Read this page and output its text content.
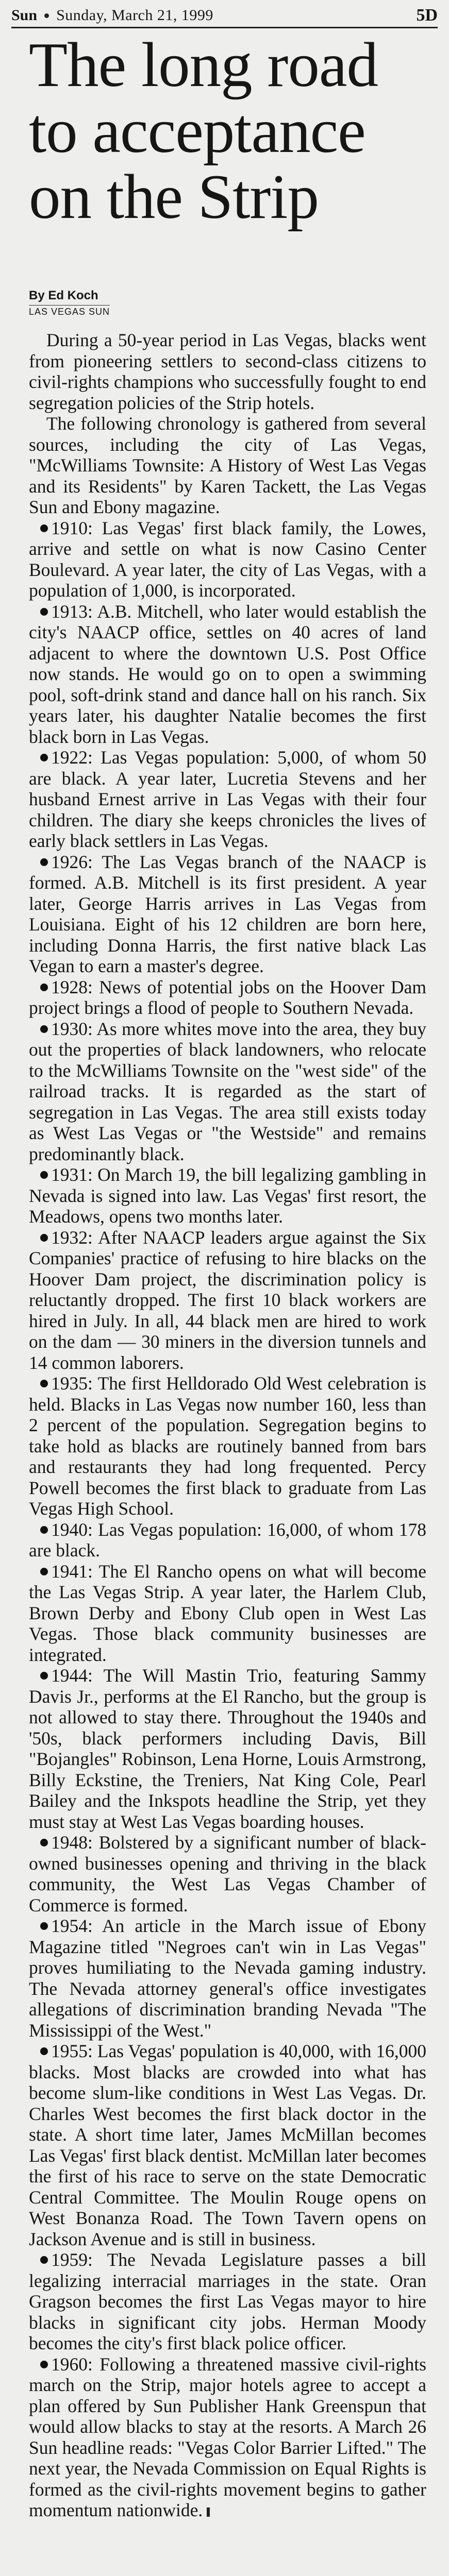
Sun Sunday, March 21, 1999	5D
The long road to acceptance on the Strip
By Ed Koch
LAS VEGAS SUN

During a 50-year period in Las Vegas, blacks went from pioneering settlers to second-class citizens to civil-rights champions who successfully fought to end segregation policies of the Strip hotels.

The following chronology is gathered from several sources, including the city of Las Vegas, "McWilliams Townsite: A History of West Las Vegas and its Residents" by Karen Tackett, the Las Vegas Sun and Ebony magazine.

1910: Las Vegas' first black family, the Lowes, arrive and settle on what is now Casino Center Boulevard. A year later, the city of Las Vegas, with a population of 1,000, is incorporated.

1913: A.B. Mitchell, who later would establish the city's NAACP office, settles on 40 acres of land adjacent to where the downtown U.S. Post Office now stands. He would go on to open a swimming pool, soft-drink stand and dance hall on his ranch. Six years later, his daughter Natalie becomes the first black born in Las Vegas.

1922: Las Vegas population: 5,000, of whom 50 are black. A year later, Lucretia Stevens and her husband Ernest arrive in Las Vegas with their four children. The diary she keeps chronicles the lives of early black settlers in Las Vegas.

1926: The Las Vegas branch of the NAACP is formed. A.B. Mitchell is its first president. A year later, George Harris arrives in Las Vegas from Louisiana. Eight of his 12 children are born here, including Donna Harris, the first native black Las Vegan to earn a master's degree.

1928: News of potential jobs on the Hoover Dam project brings a flood of people to Southern Nevada.

1930: As more whites move into the area, they buy out the properties of black landowners, who relocate to the McWilliams Townsite on the "west side" of the railroad tracks. It is regarded as the start of segregation in Las Vegas. The area still exists today as West Las Vegas or "the Westside" and remains predominantly black.

1931: On March 19, the bill legalizing gambling in Nevada is signed into law. Las Vegas' first resort, the Meadows, opens two months later.

1932: After NAACP leaders argue against the Six Companies' practice of refusing to hire blacks on the Hoover Dam project, the discrimination policy is reluctantly dropped. The first 10 black workers are hired in July. In all, 44 black men are hired to work on the dam — 30 miners in the diversion tunnels and 14 common laborers.

1935: The first Helldorado Old West celebration is held. Blacks in Las Vegas now number 160, less than 2 percent of the population. Segregation begins to take hold as blacks are routinely banned from bars and restaurants they had long frequented. Percy Powell becomes the first black to graduate from Las Vegas High School.

1940: Las Vegas population: 16,000, of whom 178 are black.

1941: The El Rancho opens on what will become the Las Vegas Strip. A year later, the Harlem Club, Brown Derby and Ebony Club open in West Las Vegas. Those black community businesses are integrated.

1944: The Will Mastin Trio, featuring Sammy Davis Jr., performs at the El Rancho, but the group is not allowed to stay there. Throughout the 1940s and '50s, black performers including Davis, Bill "Bojangles" Robinson, Lena Horne, Louis Armstrong, Billy Eckstine, the Treniers, Nat King Cole, Pearl Bailey and the Inkspots headline the Strip, yet they must stay at West Las Vegas boarding houses.

1948: Bolstered by a significant number of black-owned businesses opening and thriving in the black community, the West Las Vegas Chamber of Commerce is formed.

1954: An article in the March issue of Ebony Magazine titled "Negroes can't win in Las Vegas" proves humiliating to the Nevada gaming industry. The Nevada attorney general's office investigates allegations of discrimination branding Nevada "The Mississippi of the West."

1955: Las Vegas' population is 40,000, with 16,000 blacks. Most blacks are crowded into what has become slum-like conditions in West Las Vegas. Dr. Charles West becomes the first black doctor in the state. A short time later, James McMillan becomes Las Vegas' first black dentist. McMillan later becomes the first of his race to serve on the state Democratic Central Committee. The Moulin Rouge opens on West Bonanza Road. The Town Tavern opens on Jackson Avenue and is still in business.

1959: The Nevada Legislature passes a bill legalizing interracial marriages in the state. Oran Gragson becomes the first Las Vegas mayor to hire blacks in significant city jobs. Herman Moody becomes the city's first black police officer.

1960: Following a threatened massive civil-rights march on the Strip, major hotels agree to accept a plan offered by Sun Publisher Hank Greenspun that would allow blacks to stay at the resorts. A March 26 Sun headline reads: "Vegas Color Barrier Lifted." The next year, the Nevada Commission on Equal Rights is formed as the civil-rights movement begins to gather momentum nationwide.
